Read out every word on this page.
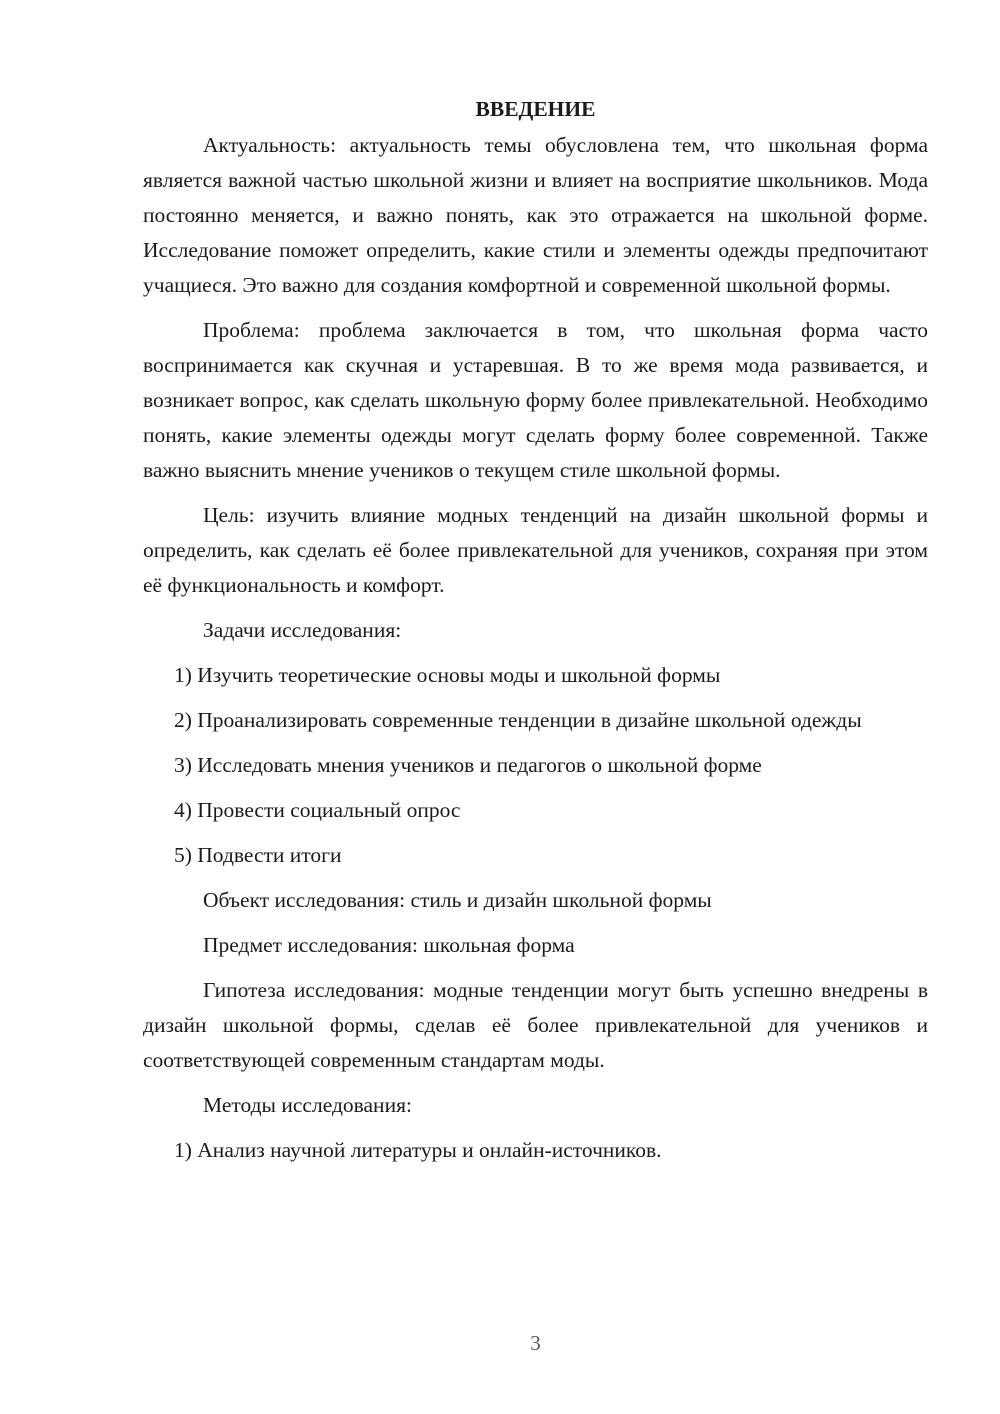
ВВЕДЕНИЕ

Актуальность: актуальность темы обусловлена тем, что школьная форма является важной частью школьной жизни и влияет на восприятие школьников. Мода постоянно меняется, и важно понять, как это отражается на школьной форме. Исследование поможет определить, какие стили и элементы одежды предпочитают учащиеся. Это важно для создания комфортной и современной школьной формы.

Проблема: проблема заключается в том, что школьная форма часто воспринимается как скучная и устаревшая. В то же время мода развивается, и возникает вопрос, как сделать школьную форму более привлекательной. Необходимо понять, какие элементы одежды могут сделать форму более современной. Также важно выяснить мнение учеников о текущем стиле школьной формы.

Цель: изучить влияние модных тенденций на дизайн школьной формы и определить, как сделать её более привлекательной для учеников, сохраняя при этом её функциональность и комфорт.

Задачи исследования:

1) Изучить теоретические основы моды и школьной формы

2) Проанализировать современные тенденции в дизайне школьной одежды

3) Исследовать мнения учеников и педагогов о школьной форме

4) Провести социальный опрос

5) Подвести итоги

Объект исследования: стиль и дизайн школьной формы

Предмет исследования: школьная форма

Гипотеза исследования: модные тенденции могут быть успешно внедрены в дизайн школьной формы, сделав её более привлекательной для учеников и соответствующей современным стандартам моды.

Методы исследования:

1) Анализ научной литературы и онлайн-источников.

3
